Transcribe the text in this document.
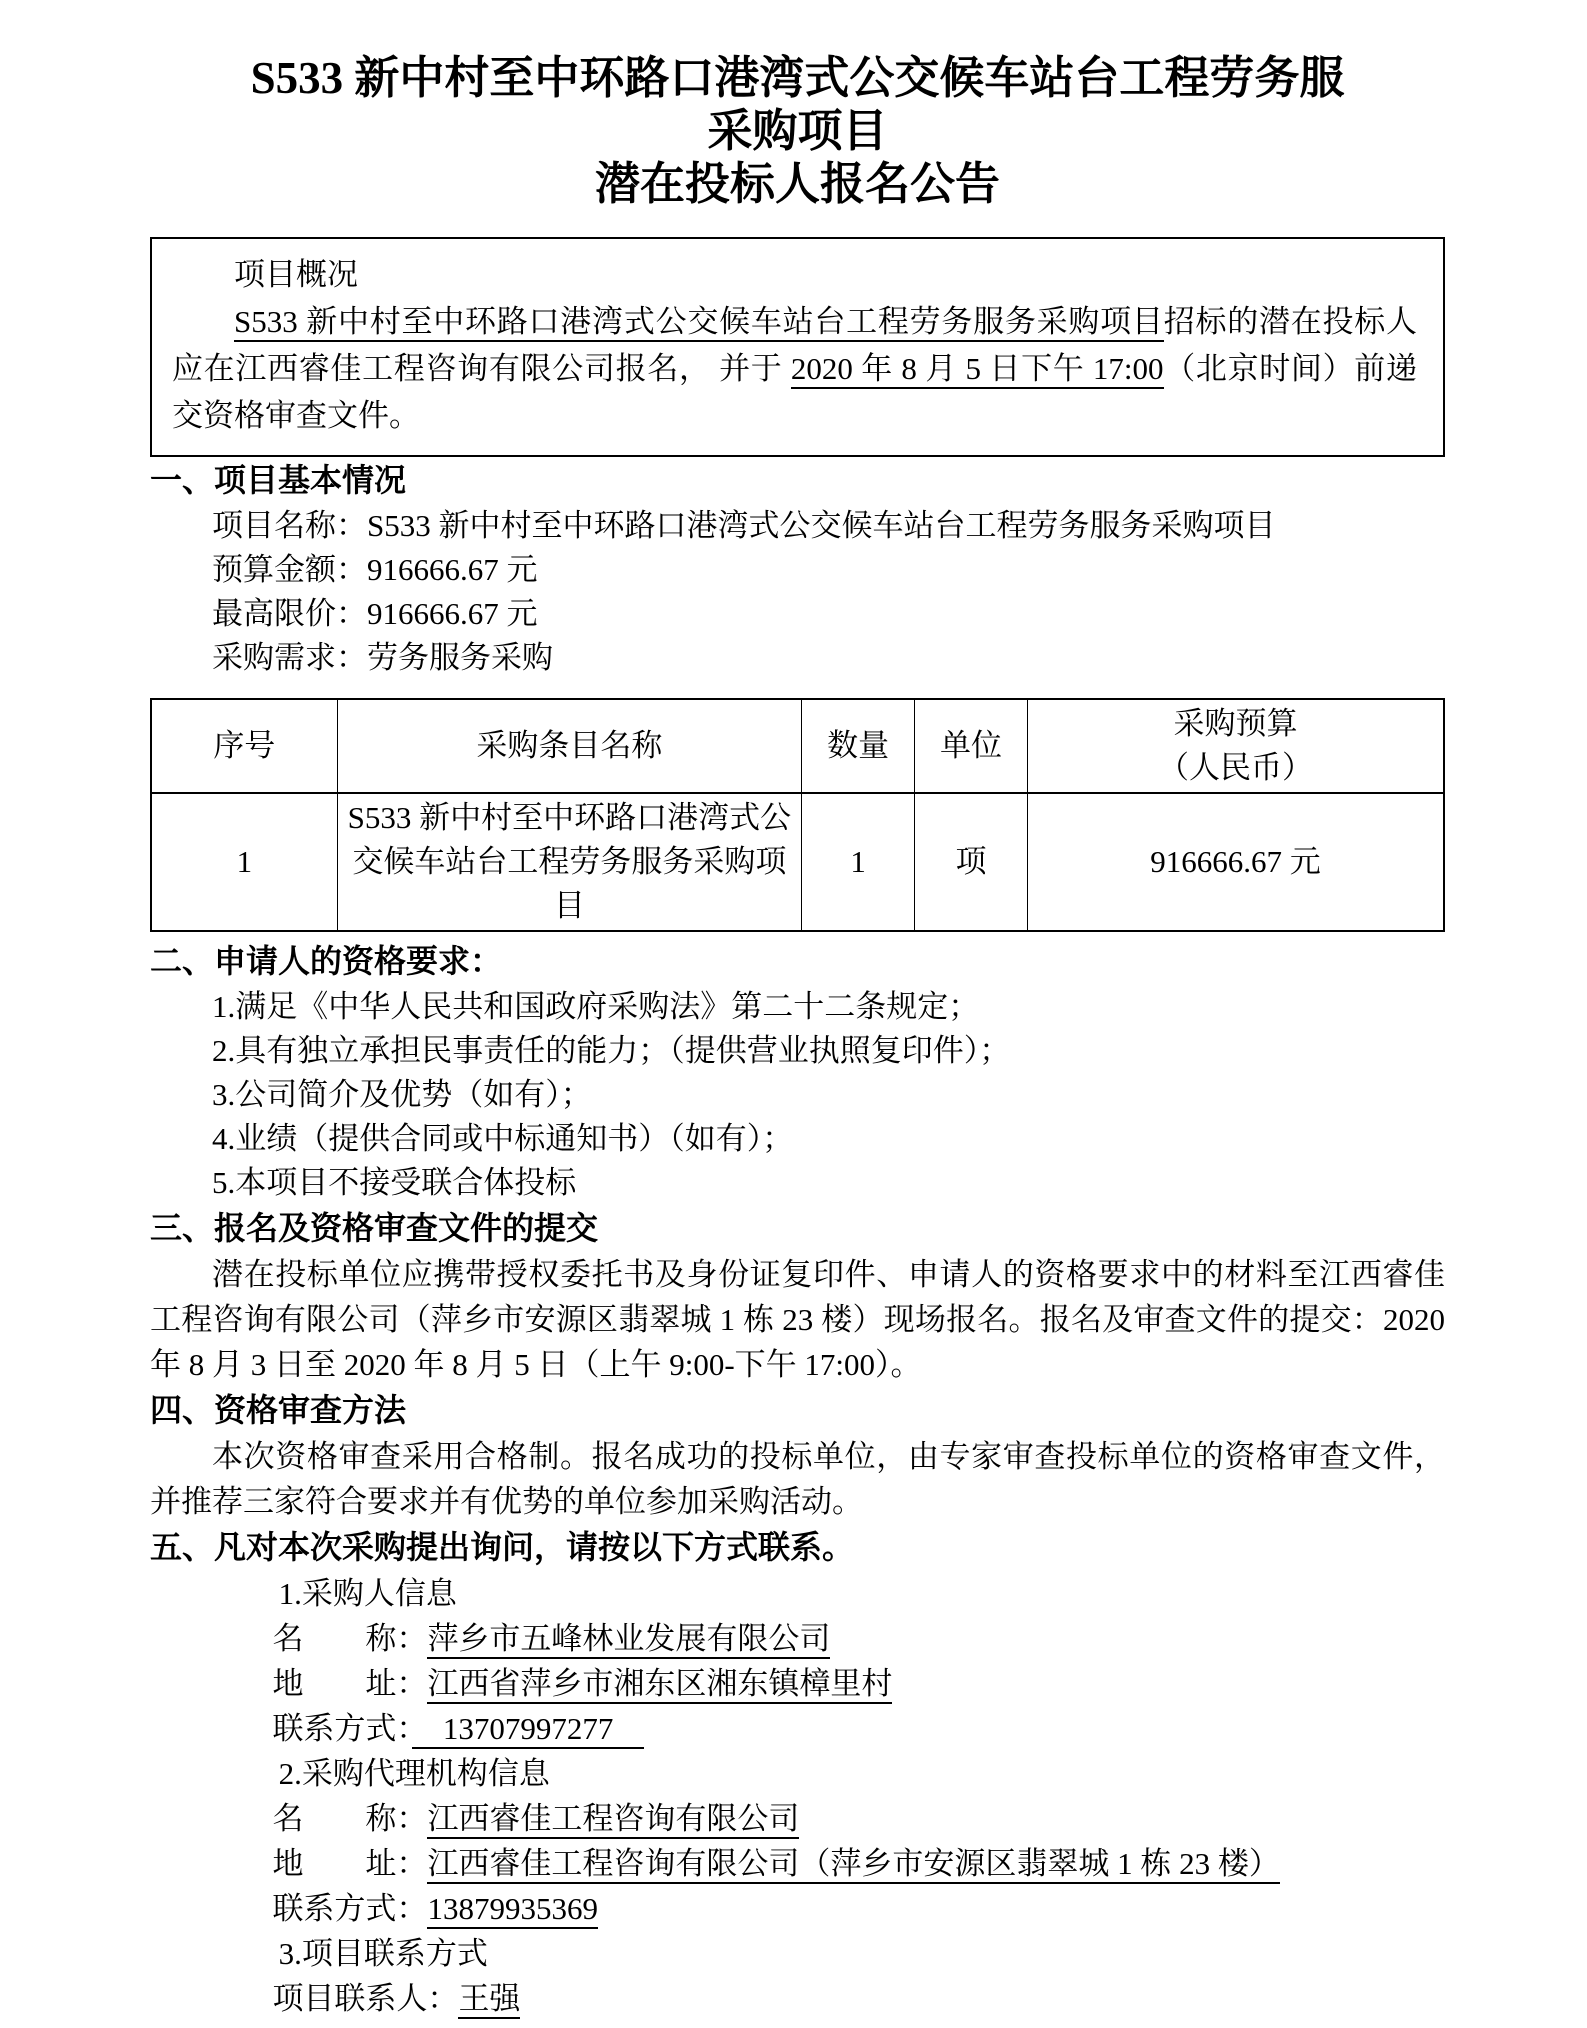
S533 新中村至中环路口港湾式公交候车站台工程劳务服
采购项目
潜在投标人报名公告

项目概况

S533 新中村至中环路口港湾式公交候车站台工程劳务服务采购项目招标的潜在投标人应在江西睿佳工程咨询有限公司报名， 并于 2020 年 8 月 5 日下午 17:00（北京时间）前递交资格审查文件。

一、项目基本情况

项目名称：S533 新中村至中环路口港湾式公交候车站台工程劳务服务采购项目

预算金额：916666.67 元

最高限价：916666.67 元

采购需求：劳务服务采购

序号	采购条目名称	数量	单位	采购预算
（人民币）

1	S533 新中村至中环路口港湾式公交候车站台工程劳务服务采购项目	1	项	916666.67 元
二、申请人的资格要求：

1.满足《中华人民共和国政府采购法》第二十二条规定；

2.具有独立承担民事责任的能力；（提供营业执照复印件）；

3.公司简介及优势（如有）；

4.业绩（提供合同或中标通知书）（如有）；

5.本项目不接受联合体投标

三、报名及资格审查文件的提交

潜在投标单位应携带授权委托书及身份证复印件、申请人的资格要求中的材料至江西睿佳工程咨询有限公司（萍乡市安源区翡翠城 1 栋 23 楼）现场报名。报名及审查文件的提交：2020 年 8 月 3 日至 2020 年 8 月 5 日（上午 9:00-下午 17:00）。

四、资格审查方法

本次资格审查采用合格制。报名成功的投标单位，由专家审查投标单位的资格审查文件，并推荐三家符合要求并有优势的单位参加采购活动。

五、凡对本次采购提出询问，请按以下方式联系。

1.采购人信息

名　　称：萍乡市五峰林业发展有限公司

地　　址：江西省萍乡市湘东区湘东镇樟里村

联系方式：　13707997277　

2.采购代理机构信息

名　　称：江西睿佳工程咨询有限公司

地　　址：江西睿佳工程咨询有限公司（萍乡市安源区翡翠城 1 栋 23 楼）

联系方式：13879935369

3.项目联系方式

项目联系人：王强
